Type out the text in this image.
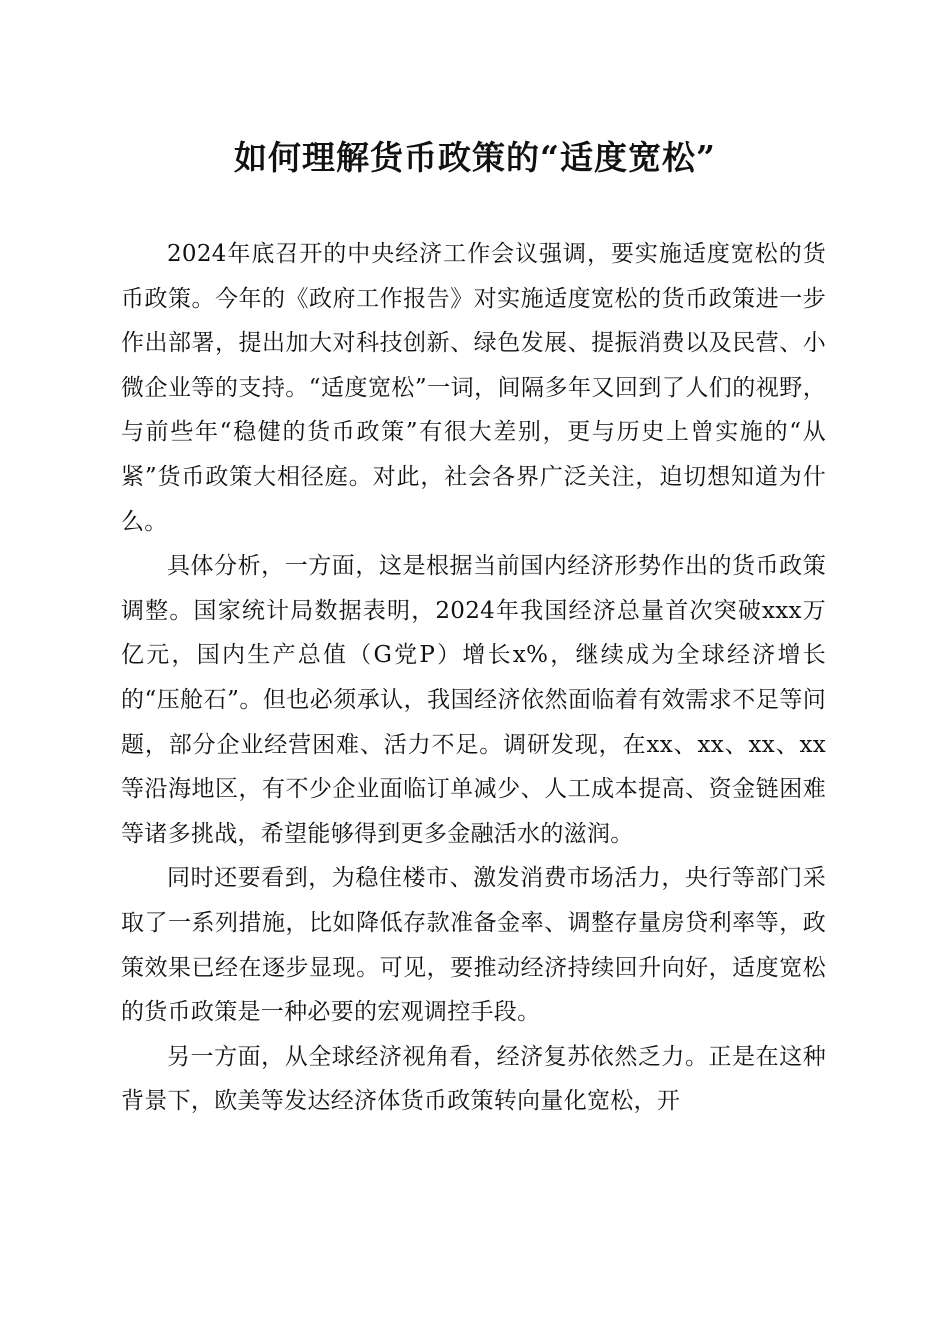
如何理解货币政策的“适度宽松”

2024年底召开的中央经济工作会议强调，要实施适度宽松的货币政策。今年的《政府工作报告》对实施适度宽松的货币政策进一步作出部署，提出加大对科技创新、绿色发展、提振消费以及民营、小微企业等的支持。“适度宽松”一词，间隔多年又回到了人们的视野，与前些年“稳健的货币政策”有很大差别，更与历史上曾实施的“从紧”货币政策大相径庭。对此，社会各界广泛关注，迫切想知道为什么。

具体分析，一方面，这是根据当前国内经济形势作出的货币政策调整。国家统计局数据表明，2024年我国经济总量首次突破xxx万亿元，国内生产总值（G党P）增长x%，继续成为全球经济增长的“压舱石”。但也必须承认，我国经济依然面临着有效需求不足等问题，部分企业经营困难、活力不足。调研发现，在xx、xx、xx、xx等沿海地区，有不少企业面临订单减少、人工成本提高、资金链困难等诸多挑战，希望能够得到更多金融活水的滋润。

同时还要看到，为稳住楼市、激发消费市场活力，央行等部门采取了一系列措施，比如降低存款准备金率、调整存量房贷利率等，政策效果已经在逐步显现。可见，要推动经济持续回升向好，适度宽松的货币政策是一种必要的宏观调控手段。

另一方面，从全球经济视角看，经济复苏依然乏力。正是在这种背景下，欧美等发达经济体货币政策转向量化宽松，开
